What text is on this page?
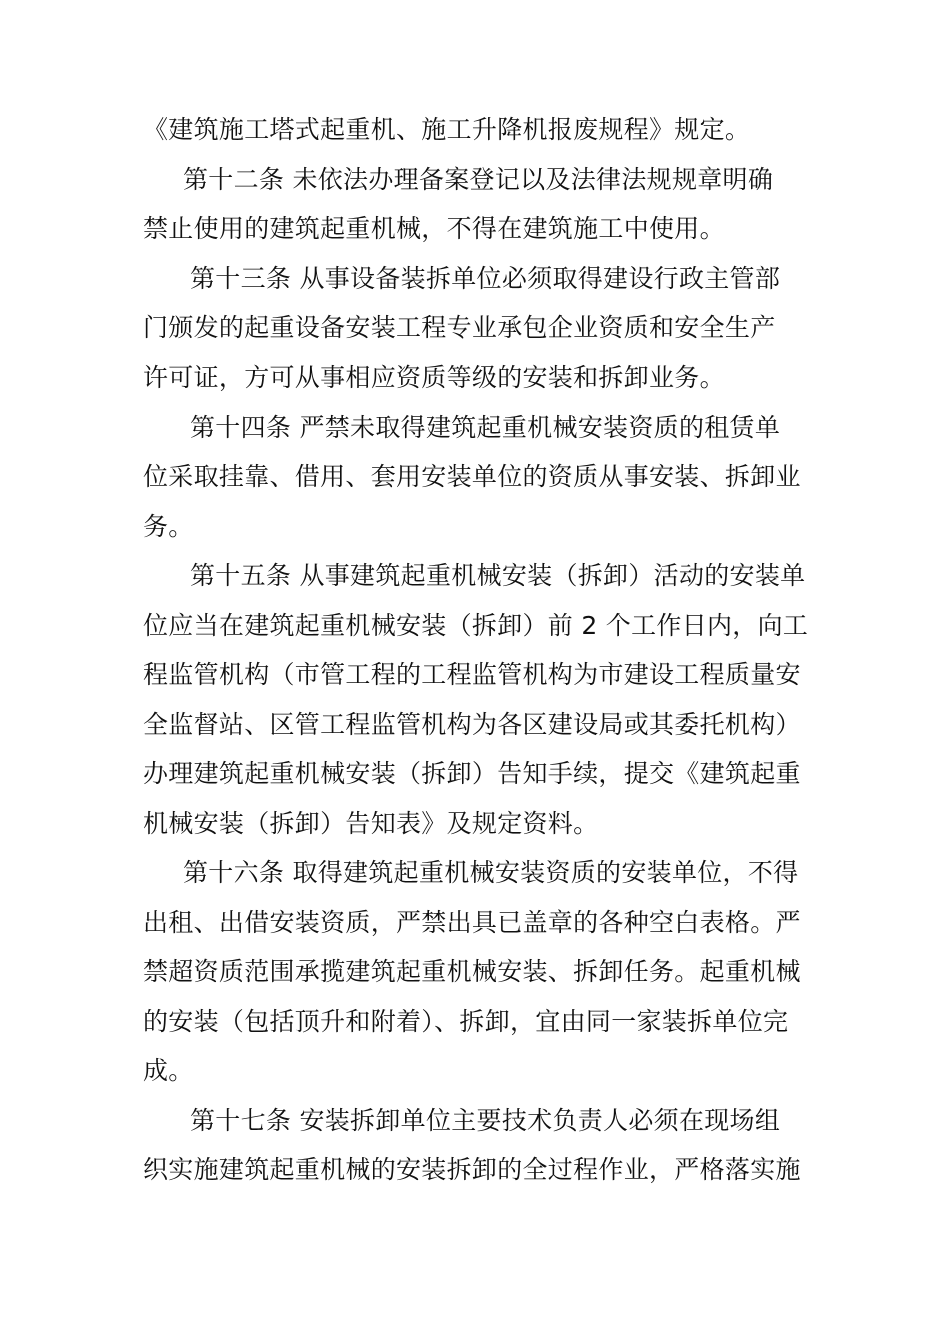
《建筑施工塔式起重机、施工升降机报废规程》规定。
第十二条 未依法办理备案登记以及法律法规规章明确
禁止使用的建筑起重机械，不得在建筑施工中使用。
第十三条 从事设备装拆单位必须取得建设行政主管部
门颁发的起重设备安装工程专业承包企业资质和安全生产
许可证，方可从事相应资质等级的安装和拆卸业务。
第十四条 严禁未取得建筑起重机械安装资质的租赁单
位采取挂靠、借用、套用安装单位的资质从事安装、拆卸业
务。
第十五条 从事建筑起重机械安装（拆卸）活动的安装单
位应当在建筑起重机械安装（拆卸）前 2 个工作日内，向工
程监管机构（市管工程的工程监管机构为市建设工程质量安
全监督站、区管工程监管机构为各区建设局或其委托机构）
办理建筑起重机械安装（拆卸）告知手续，提交《建筑起重
机械安装（拆卸）告知表》及规定资料。
第十六条 取得建筑起重机械安装资质的安装单位，不得
出租、出借安装资质，严禁出具已盖章的各种空白表格。严
禁超资质范围承揽建筑起重机械安装、拆卸任务。起重机械
的安装（包括顶升和附着）、拆卸，宜由同一家装拆单位完
成。
第十七条 安装拆卸单位主要技术负责人必须在现场组
织实施建筑起重机械的安装拆卸的全过程作业，严格落实施
